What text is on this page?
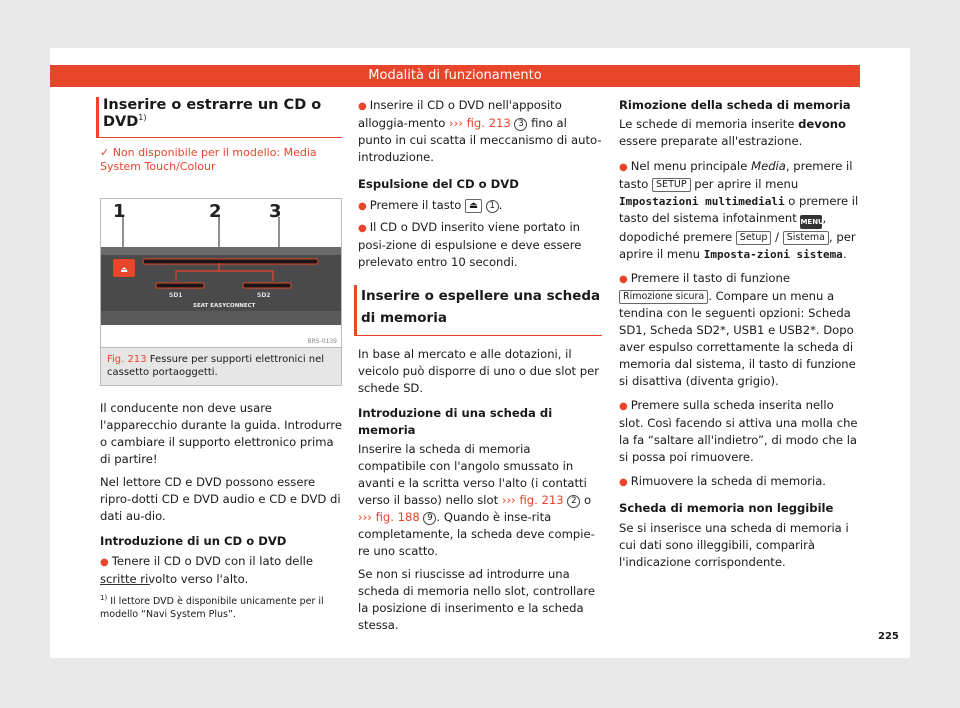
Modalità di funzionamento
Inserire o estrarre un CD o DVD$^{1)}$

✓ Non disponibile per il modello: Media System Touch/Colour

⏏
1	2	3
SD1	SD2
SEAT EASYCONNECT
BRS-0139
Fig. 213 Fessure per supporti elettronici nel cassetto portaoggetti.

Il conducente non deve usare l'apparecchio durante la guida. Introdurre o cambiare il supporto elettronico prima di partire!

Nel lettore CD e DVD possono essere ripro-dotti CD e DVD audio e CD e DVD di dati au-dio.

Introduzione di un CD o DVD

● Tenere il CD o DVD con il lato delle scritte rivolto verso l'alto.

● Inserire il CD o DVD nell'apposito alloggia-mento ››› fig. 213 3 fino al punto in cui scatta il meccanismo di auto-introduzione.

Espulsione del CD o DVD

● Premere il tasto ⏏ 1 .

● Il CD o DVD inserito viene portato in posi-zione di espulsione e deve essere prelevato entro 10 secondi.

Inserire o espellere una scheda di memoria

In base al mercato e alle dotazioni, il veicolo può disporre di uno o due slot per schede SD.

Introduzione di una scheda di memoria

Inserire la scheda di memoria compatibile con l'angolo smussato in avanti e la scritta verso l'alto (i contatti verso il basso) nello slot ››› fig. 213 2 o ››› fig. 188 9 . Quando è inse-rita completamente, la scheda deve compie-re uno scatto.

Se non si riuscisse ad introdurre una scheda di memoria nello slot, controllare la posizione di inserimento e la scheda stessa.

Rimozione della scheda di memoria

Le schede di memoria inserite devono essere preparate all'estrazione.

● Nel menu principale Media, premere il tasto SETUP per aprire il menu Impostazioni multimediali o premere il tasto del sistema infotainment MENU, dopodiché premere Setup / Sistema , per aprire il menu Imposta-zioni sistema.

● Premere il tasto di funzione Rimozione sicura . Compare un menu a tendina con le seguenti opzioni: Scheda SD1, Scheda SD2*, USB1 e USB2*. Dopo aver espulso correttamente la scheda di memoria dal sistema, il tasto di funzione si disattiva (diventa grigio).

● Premere sulla scheda inserita nello slot. Così facendo si attiva una molla che la fa “saltare all'indietro”, di modo che la si possa poi rimuovere.

● Rimuovere la scheda di memoria.

Scheda di memoria non leggibile

Se si inserisce una scheda di memoria i cui dati sono illeggibili, comparirà l'indicazione corrispondente.

$^{1)}$ Il lettore DVD è disponibile unicamente per il modello “Navi System Plus”.
225
